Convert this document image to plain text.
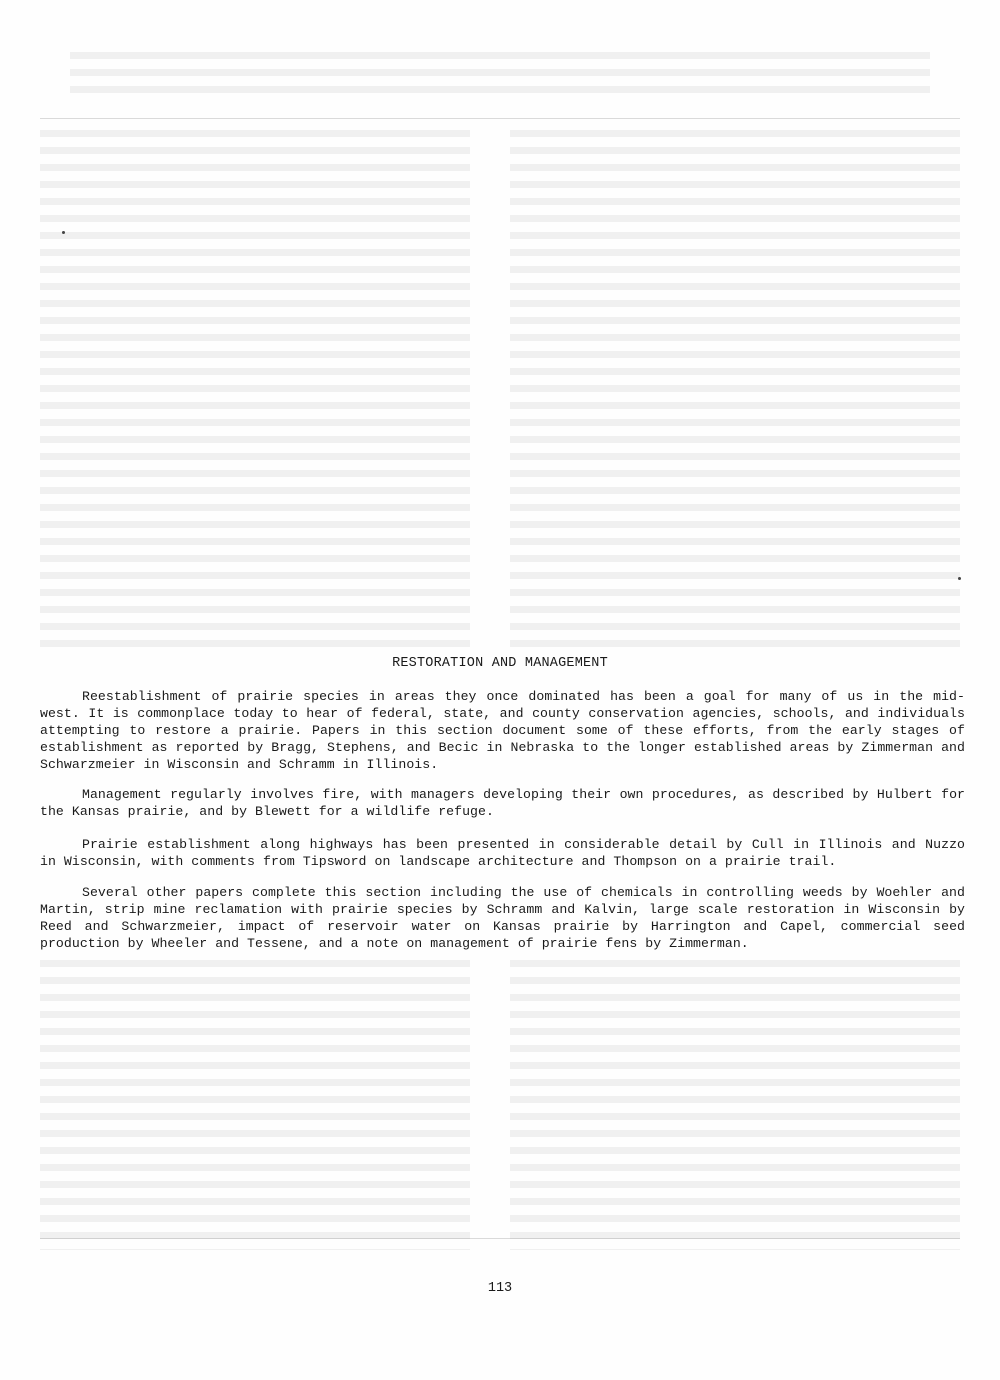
RESTORATION AND MANAGEMENT

Reestablishment of prairie species in areas they once dominated has been a goal for many of us in the mid-west. It is commonplace today to hear of federal, state, and county conservation agencies, schools, and individuals attempting to restore a prairie. Papers in this section document some of these efforts, from the early stages of establishment as reported by Bragg, Stephens, and Becic in Nebraska to the longer established areas by Zimmerman and Schwarzmeier in Wisconsin and Schramm in Illinois.

Management regularly involves fire, with managers developing their own procedures, as described by Hulbert for the Kansas prairie, and by Blewett for a wildlife refuge.

Prairie establishment along highways has been presented in considerable detail by Cull in Illinois and Nuzzo in Wisconsin, with comments from Tipsword on landscape architecture and Thompson on a prairie trail.

Several other papers complete this section including the use of chemicals in controlling weeds by Woehler and Martin, strip mine reclamation with prairie species by Schramm and Kalvin, large scale restoration in Wisconsin by Reed and Schwarzmeier, impact of reservoir water on Kansas prairie by Harrington and Capel, commercial seed production by Wheeler and Tessene, and a note on management of prairie fens by Zimmerman.

113
